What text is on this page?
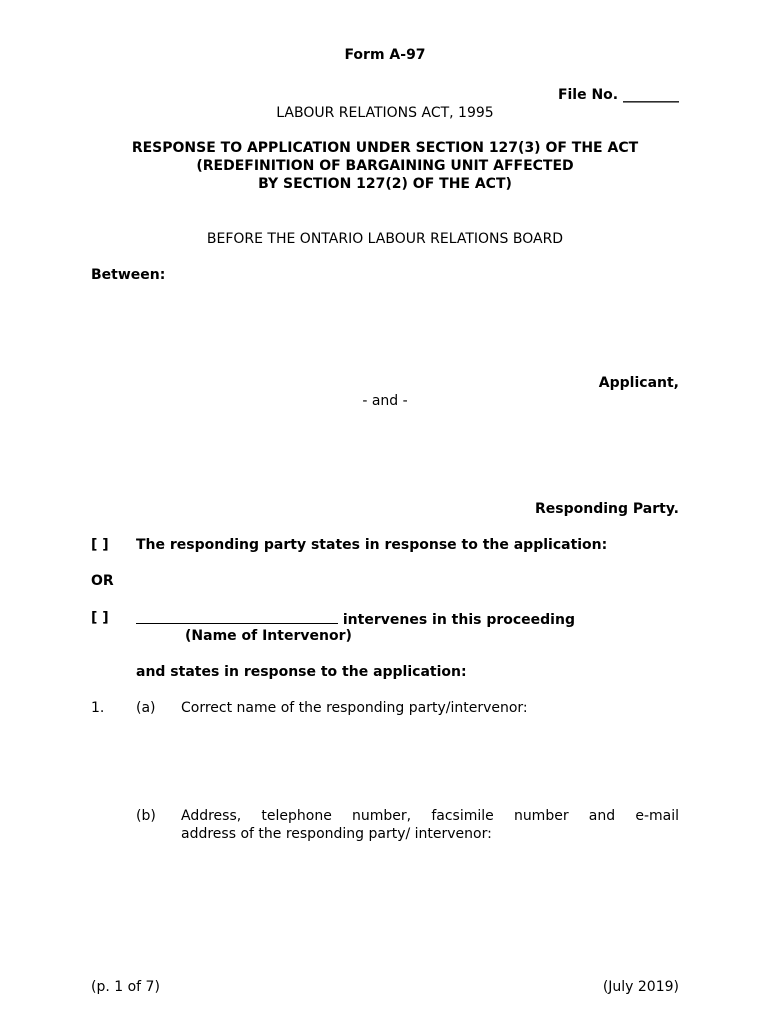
Form A-97
File No. ________
LABOUR RELATIONS ACT, 1995
RESPONSE TO APPLICATION UNDER SECTION 127(3) OF THE ACT
(REDEFINITION OF BARGAINING UNIT AFFECTED
BY SECTION 127(2) OF THE ACT)
BEFORE THE ONTARIO LABOUR RELATIONS BOARD
Between:
Applicant,
- and -
Responding Party.
[ ] The responding party states in response to the application:
OR
[ ]	intervenes in this proceeding
(Name of Intervenor)
and states in response to the application:
1. (a) Correct name of the responding party/intervenor:
(b) Address, telephone number, facsimile number and e-mail
address of the responding party/ intervenor:
(p. 1 of 7)	(July 2019)
